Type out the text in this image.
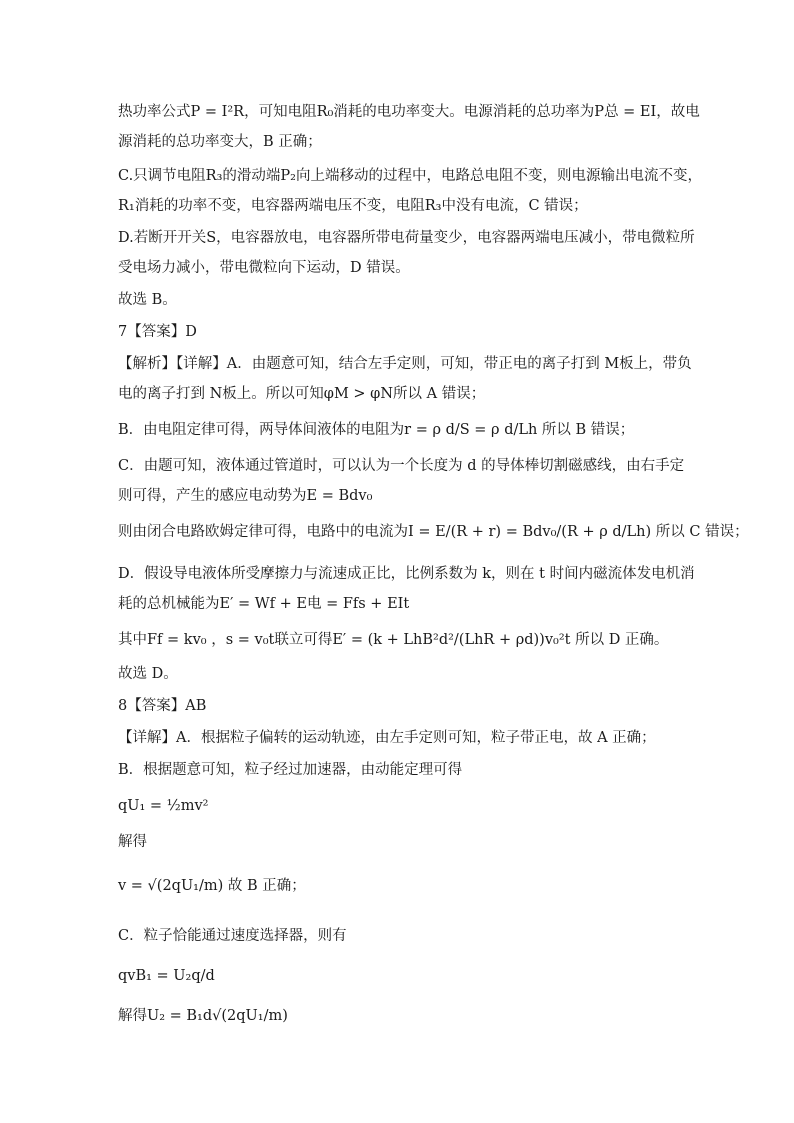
热功率公式P = I²R，可知电阻R₀消耗的电功率变大。电源消耗的总功率为P总 = EI，故电
源消耗的总功率变大，B 正确；
C.只调节电阻R₃的滑动端P₂向上端移动的过程中，电路总电阻不变，则电源输出电流不变，
R₁消耗的功率不变，电容器两端电压不变，电阻R₃中没有电流，C 错误；
D.若断开开关S，电容器放电，电容器所带电荷量变少，电容器两端电压减小，带电微粒所
受电场力减小，带电微粒向下运动，D 错误。
故选 B。
7【答案】D
【解析】【详解】A．由题意可知，结合左手定则，可知，带正电的离子打到 M板上，带负
电的离子打到 N板上。所以可知φM > φN所以 A 错误；
B．由电阻定律可得，两导体间液体的电阻为r = ρ d/S = ρ d/Lh 所以 B 错误；
C．由题可知，液体通过管道时，可以认为一个长度为 d 的导体棒切割磁感线，由右手定
则可得，产生的感应电动势为E = Bdv₀
则由闭合电路欧姆定律可得，电路中的电流为I = E/(R + r) = Bdv₀/(R + ρ d/Lh) 所以 C 错误；
D．假设导电液体所受摩擦力与流速成正比，比例系数为 k，则在 t 时间内磁流体发电机消
耗的总机械能为E′ = Wf + E电 = Ffs + EIt
其中Ff = kv₀ ，s = v₀t联立可得E′ = (k + LhB²d²/(LhR + ρd))v₀²t 所以 D 正确。
故选 D。
8【答案】AB
【详解】A．根据粒子偏转的运动轨迹，由左手定则可知，粒子带正电，故 A 正确；
B．根据题意可知，粒子经过加速器，由动能定理可得
qU₁ = ½mv²
解得
v = √(2qU₁/m) 故 B 正确；
C．粒子恰能通过速度选择器，则有
qvB₁ = U₂q/d
解得U₂ = B₁d√(2qU₁/m)
